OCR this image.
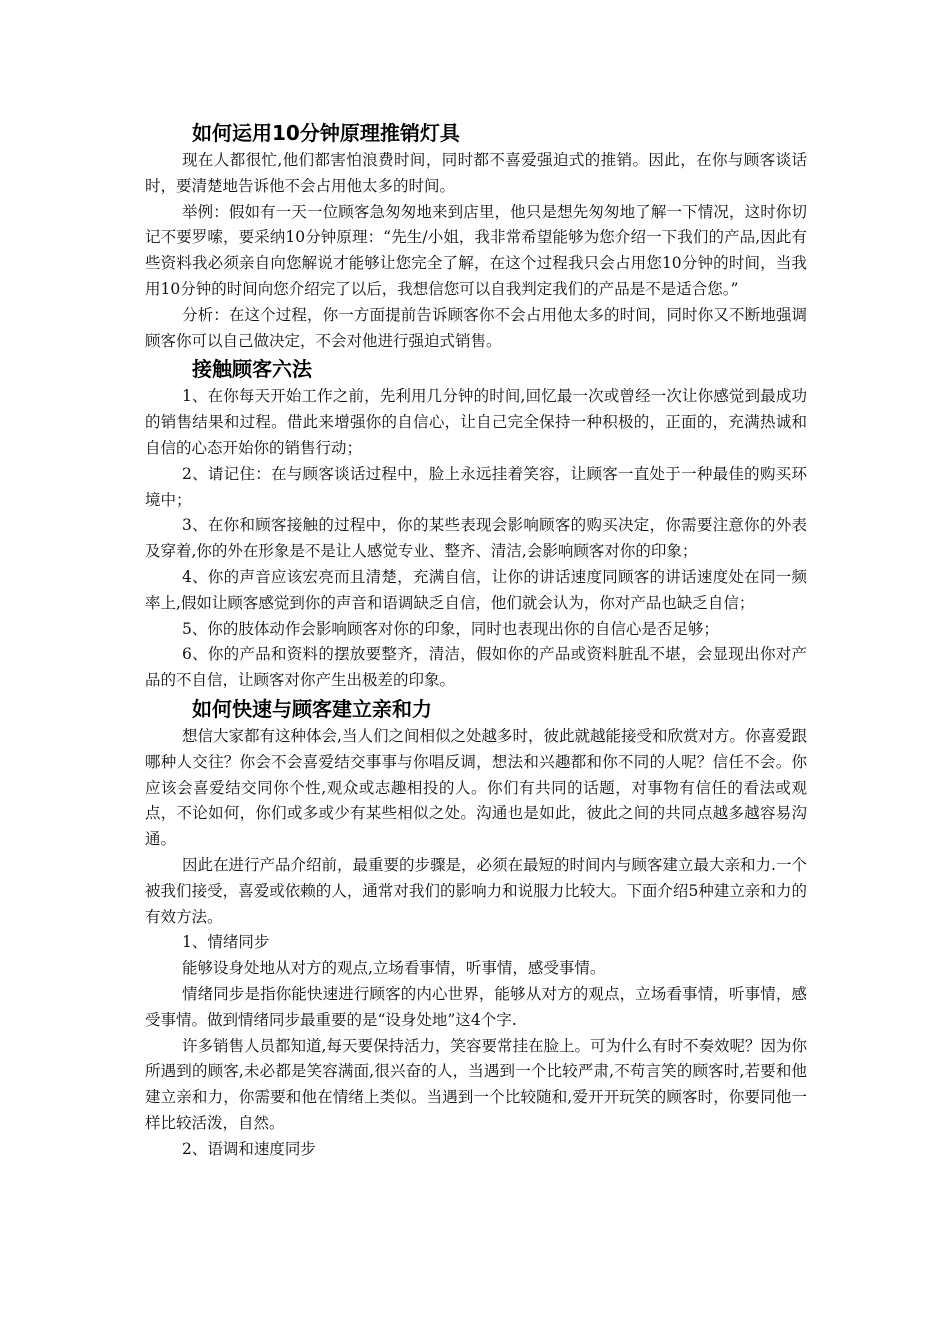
如何运用10分钟原理推销灯具

现在人都很忙,他们都害怕浪费时间，同时都不喜爱强迫式的推销。因此，在你与顾客谈话时，要清楚地告诉他不会占用他太多的时间。

举例：假如有一天一位顾客急匆匆地来到店里，他只是想先匆匆地了解一下情况，这时你切记不要罗嗦，要采纳10分钟原理：“先生/小姐，我非常希望能够为您介绍一下我们的产品,因此有些资料我必须亲自向您解说才能够让您完全了解，在这个过程我只会占用您10分钟的时间，当我用10分钟的时间向您介绍完了以后，我想信您可以自我判定我们的产品是不是适合您。”

分析：在这个过程，你一方面提前告诉顾客你不会占用他太多的时间，同时你又不断地强调顾客你可以自己做决定，不会对他进行强迫式销售。

接触顾客六法

1、在你每天开始工作之前，先利用几分钟的时间,回忆最一次或曾经一次让你感觉到最成功的销售结果和过程。借此来增强你的自信心，让自己完全保持一种积极的，正面的，充满热诚和自信的心态开始你的销售行动；

2、请记住：在与顾客谈话过程中，脸上永远挂着笑容，让顾客一直处于一种最佳的购买环境中；

3、在你和顾客接触的过程中，你的某些表现会影响顾客的购买决定，你需要注意你的外表及穿着,你的外在形象是不是让人感觉专业、整齐、清洁,会影响顾客对你的印象；

4、你的声音应该宏亮而且清楚，充满自信，让你的讲话速度同顾客的讲话速度处在同一频率上,假如让顾客感觉到你的声音和语调缺乏自信，他们就会认为，你对产品也缺乏自信；

5、你的肢体动作会影响顾客对你的印象，同时也表现出你的自信心是否足够；

6、你的产品和资料的摆放要整齐，清洁，假如你的产品或资料脏乱不堪，会显现出你对产品的不自信，让顾客对你产生出极差的印象。

如何快速与顾客建立亲和力

想信大家都有这种体会,当人们之间相似之处越多时，彼此就越能接受和欣赏对方。你喜爱跟哪种人交往？你会不会喜爱结交事事与你唱反调，想法和兴趣都和你不同的人呢？信任不会。你应该会喜爱结交同你个性,观众或志趣相投的人。你们有共同的话题，对事物有信任的看法或观点，不论如何，你们或多或少有某些相似之处。沟通也是如此，彼此之间的共同点越多越容易沟通。

因此在进行产品介绍前，最重要的步骤是，必须在最短的时间内与顾客建立最大亲和力.一个被我们接受，喜爱或依赖的人，通常对我们的影响力和说服力比较大。下面介绍5种建立亲和力的有效方法。

1、情绪同步

能够设身处地从对方的观点,立场看事情，听事情，感受事情。

情绪同步是指你能快速进行顾客的内心世界，能够从对方的观点，立场看事情，听事情，感受事情。做到情绪同步最重要的是“设身处地”这4个字.

许多销售人员都知道,每天要保持活力，笑容要常挂在脸上。可为什么有时不奏效呢？因为你所遇到的顾客,未必都是笑容满面,很兴奋的人，当遇到一个比较严肃,不苟言笑的顾客时,若要和他建立亲和力，你需要和他在情绪上类似。当遇到一个比较随和,爱开开玩笑的顾客时，你要同他一样比较活泼，自然。

2、语调和速度同步
